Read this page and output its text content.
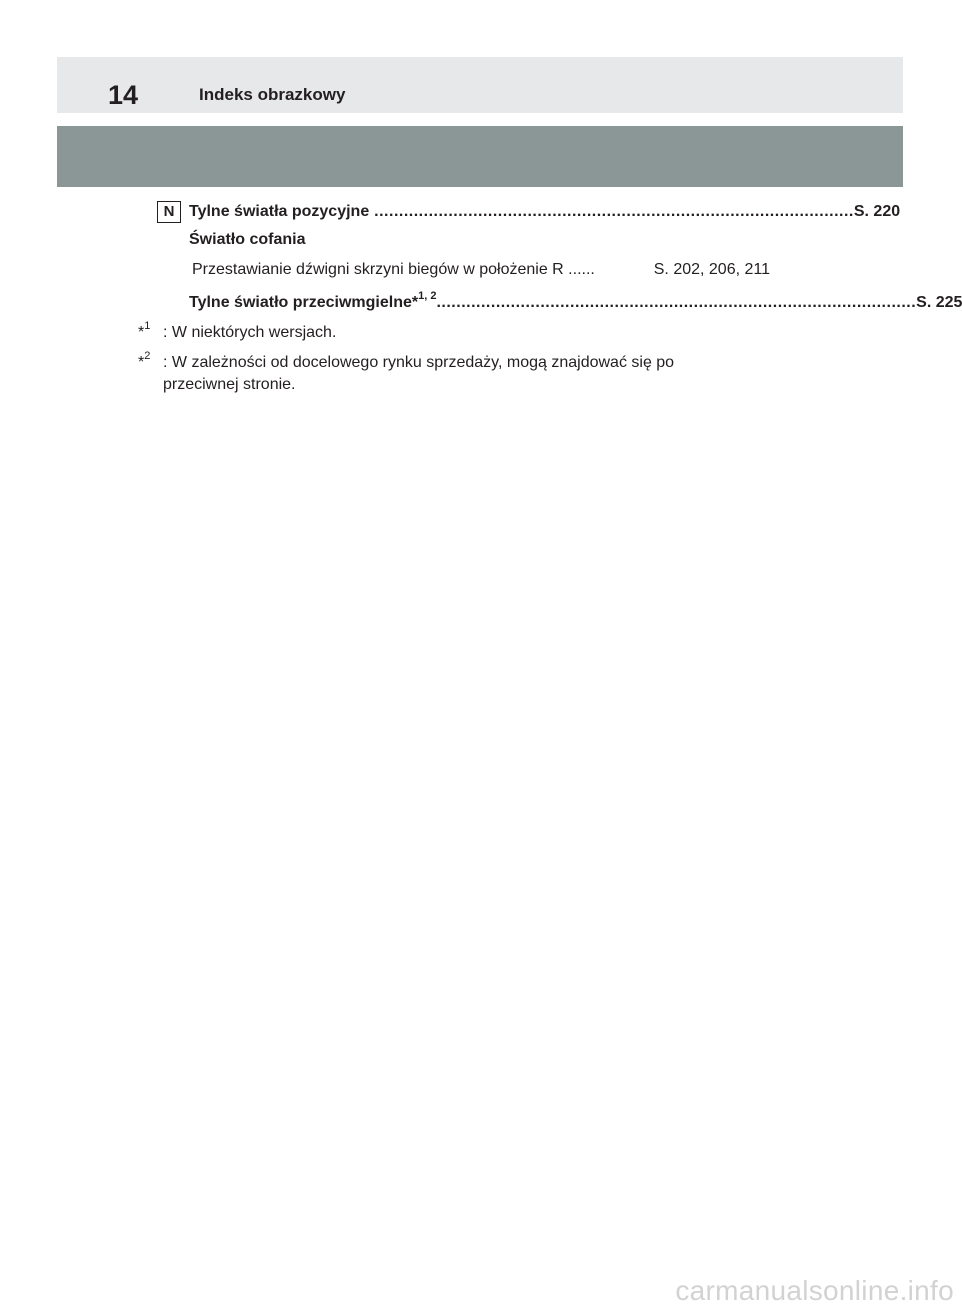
14	Indeks obrazkowy
N Tylne światła pozycyjne ................................................................................................. S. 220
Światło cofania
Przestawianie dźwigni skrzyni biegów w położenie R ......	S. 202, 206, 211
Tylne światło przeciwmgielne*$^{1, 2}$ ................................................................................................. S. 225
*$^1$ : W niektórych wersjach.
*$^2$ : W zależności od docelowego rynku sprzedaży, mogą znajdować się po przeciwnej stronie.
carmanualsonline.info
